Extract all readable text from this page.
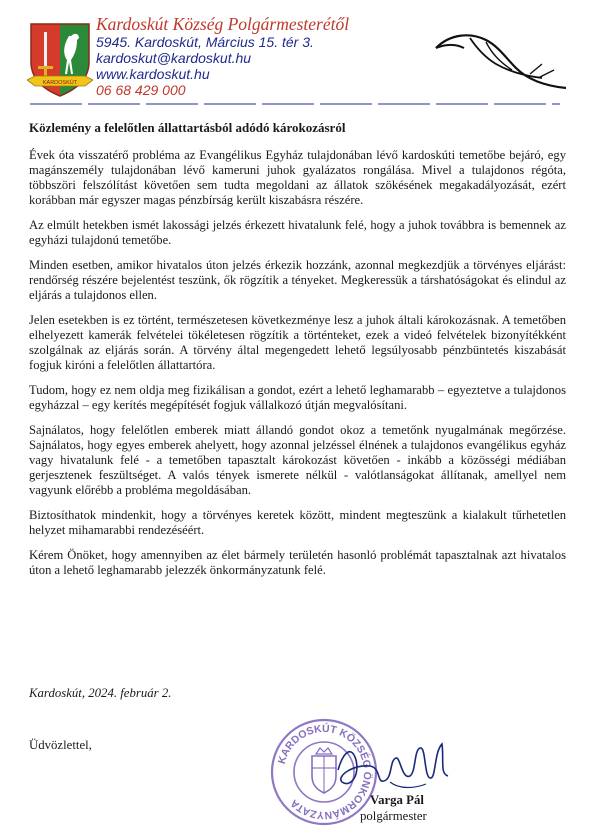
KARDOSKÚT
Kardoskút Község Polgármesterétől
5945. Kardoskút, Március 15. tér 3.
kardoskut@kardoskut.hu
www.kardoskut.hu
06 68 429 000
Közlemény a felelőtlen állattartásból adódó károkozásról

Évek óta visszatérő probléma az Evangélikus Egyház tulajdonában lévő kardoskúti temetőbe bejáró, egy magánszemély tulajdonában lévő kameruni juhok gyalázatos rongálása. Mivel a tulajdonos régóta, többszöri felszólítást követően sem tudta megoldani az állatok szökésének megakadályozását, ezért korábban már egyszer magas pénzbírság került kiszabásra részére.

Az elmúlt hetekben ismét lakossági jelzés érkezett hivatalunk felé, hogy a juhok továbbra is bemennek az egyházi tulajdonú temetőbe.

Minden esetben, amikor hivatalos úton jelzés érkezik hozzánk, azonnal megkezdjük a törvényes eljárást: rendőrség részére bejelentést teszünk, ők rögzítik a tényeket. Megkeressük a társhatóságokat és elindul az eljárás a tulajdonos ellen.

Jelen esetekben is ez történt, természetesen következménye lesz a juhok általi károkozásnak. A temetőben elhelyezett kamerák felvételei tökéletesen rögzítik a történteket, ezek a videó felvételek bizonyítékként szolgálnak az eljárás során. A törvény által megengedett lehető legsúlyosabb pénzbüntetés kiszabását fogjuk kiróni a felelőtlen állattartóra.

Tudom, hogy ez nem oldja meg fizikálisan a gondot, ezért a lehető leghamarabb – egyeztetve a tulajdonos egyházzal – egy kerítés megépítését fogjuk vállalkozó útján megvalósítani.

Sajnálatos, hogy felelőtlen emberek miatt állandó gondot okoz a temetőnk nyugalmának megőrzése. Sajnálatos, hogy egyes emberek ahelyett, hogy azonnal jelzéssel élnének a tulajdonos evangélikus egyház vagy hivatalunk felé - a temetőben tapasztalt károkozást követően - inkább a közösségi médiában gerjesztenek feszültséget. A valós tények ismerete nélkül - valótlanságokat állítanak, amellyel nem vagyunk előrébb a probléma megoldásában.

Biztosíthatok mindenkit, hogy a törvényes keretek között, mindent megteszünk a kialakult tűrhetetlen helyzet mihamarabbi rendezéséért.

Kérem Önöket, hogy amennyiben az élet bármely területén hasonló problémát tapasztalnak azt hivatalos úton a lehető leghamarabb jelezzék önkormányzatunk felé.

Kardoskút, 2024. február 2.
Üdvözlettel,
KARDOSKÚT KÖZSÉG ÖNKORMÁNYZATA	Varga Pál
polgármester
